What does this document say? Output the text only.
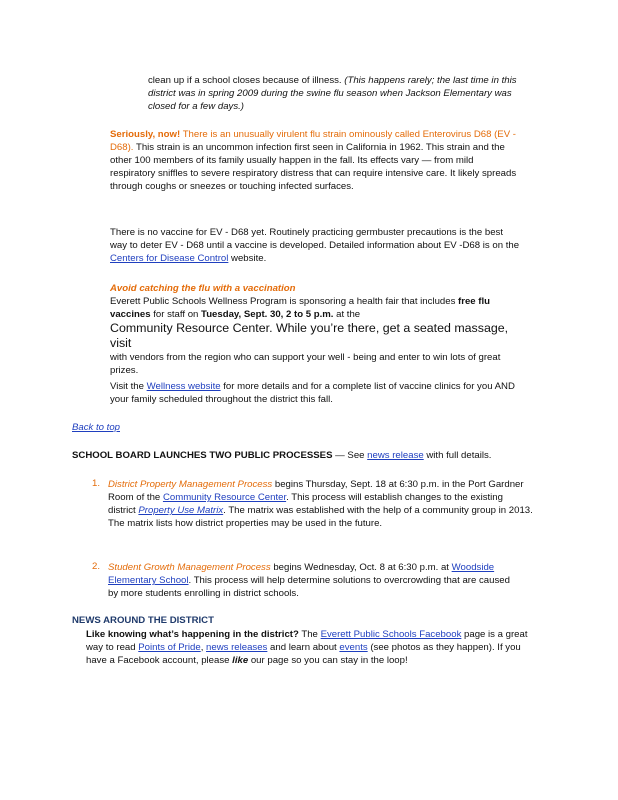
clean up if a school closes because of illness. (This happens rarely; the last time in this district was in spring 2009 during the swine flu season when Jackson Elementary was closed for a few days.)
Seriously, now! There is an unusually virulent flu strain ominously called Enterovirus D68 (EV - D68). This strain is an uncommon infection first seen in California in 1962. This strain and the other 100 members of its family usually happen in the fall. Its effects vary — from mild respiratory sniffles to severe respiratory distress that can require intensive care. It likely spreads through coughs or sneezes or touching infected surfaces.
There is no vaccine for EV - D68 yet. Routinely practicing germbuster precautions is the best way to deter EV - D68 until a vaccine is developed. Detailed information about EV -D68 is on the Centers for Disease Control website.

Avoid catching the flu with a vaccination

Everett Public Schools Wellness Program is sponsoring a health fair that includes free flu vaccines for staff on Tuesday, Sept. 30, 2 to 5 p.m. at the

Community Resource Center. While you’re there, get a seated massage, visit

with vendors from the region who can support your well - being and enter to win lots of great prizes.

Visit the Wellness website for more details and for a complete list of vaccine clinics for you AND your family scheduled throughout the district this fall.
Back to top
SCHOOL BOARD LAUNCHES TWO PUBLIC PROCESSES — See news release with full details.
1. District Property Management Process begins Thursday, Sept. 18 at 6:30 p.m. in the Port Gardner Room of the Community Resource Center. This process will establish changes to the existing district Property Use Matrix. The matrix was established with the help of a community group in 2013. The matrix lists how district properties may be used in the future.
2. Student Growth Management Process begins Wednesday, Oct. 8 at 6:30 p.m. at Woodside Elementary School. This process will help determine solutions to overcrowding that are caused by more students enrolling in district schools.
NEWS AROUND THE DISTRICT
Like knowing what’s happening in the district? The Everett Public Schools Facebook page is a great way to read Points of Pride, news releases and learn about events (see photos as they happen). If you have a Facebook account, please like our page so you can stay in the loop!
